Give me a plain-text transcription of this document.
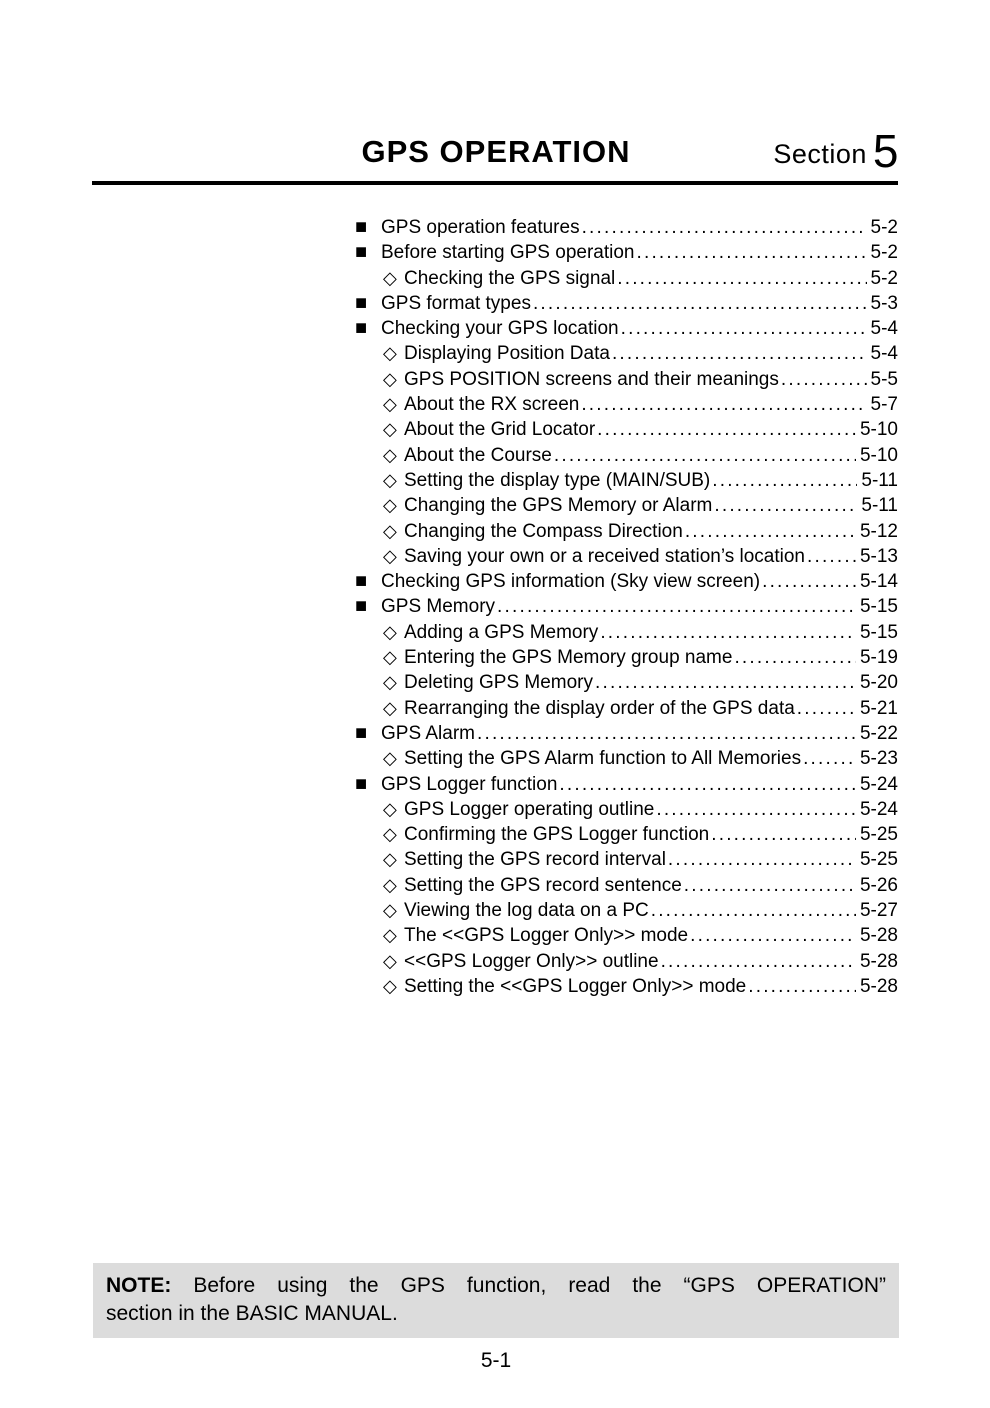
GPS OPERATION	Section 5
■ GPS operation features .....	5-2
■ Before starting GPS operation .....	5-2
◇ Checking the GPS signal .....	5-2
■ GPS format types .....	5-3
■ Checking your GPS location .....	5-4
◇ Displaying Position Data .....	5-4
◇ GPS POSITION screens and their meanings .....	5-5
◇ About the RX screen .....	5-7
◇ About the Grid Locator .....	5-10
◇ About the Course .....	5-10
◇ Setting the display type (MAIN/SUB) .....	5-11
◇ Changing the GPS Memory or Alarm .....	5-11
◇ Changing the Compass Direction .....	5-12
◇ Saving your own or a received station’s location .....	5-13
■ Checking GPS information (Sky view screen) .....	5-14
■ GPS Memory .....	5-15
◇ Adding a GPS Memory .....	5-15
◇ Entering the GPS Memory group name .....	5-19
◇ Deleting GPS Memory .....	5-20
◇ Rearranging the display order of the GPS data .....	5-21
■ GPS Alarm .....	5-22
◇ Setting the GPS Alarm function to All Memories .....	5-23
■ GPS Logger function .....	5-24
◇ GPS Logger operating outline .....	5-24
◇ Confirming the GPS Logger function .....	5-25
◇ Setting the GPS record interval .....	5-25
◇ Setting the GPS record sentence .....	5-26
◇ Viewing the log data on a PC .....	5-27
◇ The <<GPS Logger Only>> mode .....	5-28
◇ <<GPS Logger Only>> outline .....	5-28
◇ Setting the <<GPS Logger Only>> mode .....	5-28

NOTE: Before using the GPS function, read the “GPS OPERATION”
section in the BASIC MANUAL.

5-1
